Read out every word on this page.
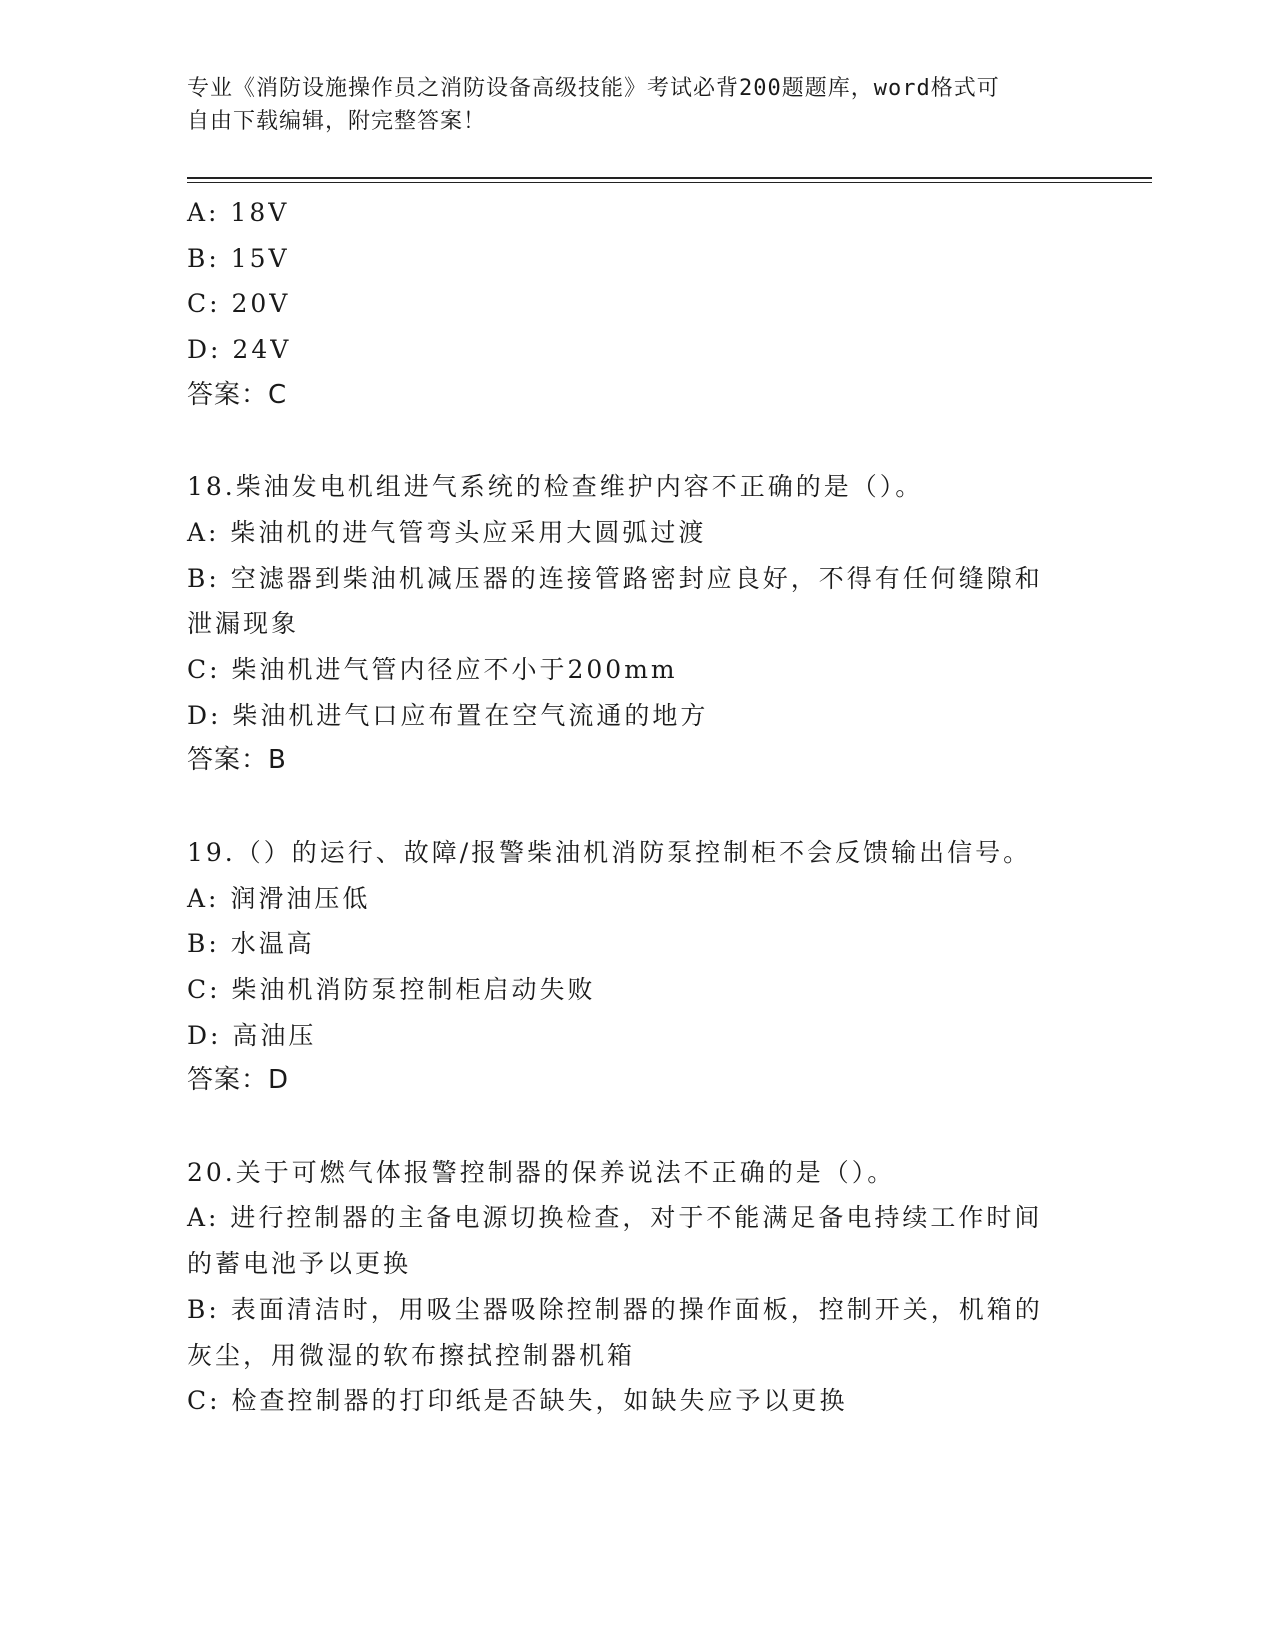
专业《消防设施操作员之消防设备高级技能》考试必背200题题库，word格式可
自由下载编辑，附完整答案！
A: 18V
B: 15V
C: 20V
D: 24V
答案：C
18.柴油发电机组进气系统的检查维护内容不正确的是（）。
A: 柴油机的进气管弯头应采用大圆弧过渡
B: 空滤器到柴油机减压器的连接管路密封应良好，不得有任何缝隙和
泄漏现象
C: 柴油机进气管内径应不小于200mm
D: 柴油机进气口应布置在空气流通的地方
答案：B
19.（）的运行、故障/报警柴油机消防泵控制柜不会反馈输出信号。
A: 润滑油压低
B: 水温高
C: 柴油机消防泵控制柜启动失败
D: 高油压
答案：D
20.关于可燃气体报警控制器的保养说法不正确的是（）。
A: 进行控制器的主备电源切换检查，对于不能满足备电持续工作时间
的蓄电池予以更换
B: 表面清洁时，用吸尘器吸除控制器的操作面板，控制开关，机箱的
灰尘，用微湿的软布擦拭控制器机箱
C: 检查控制器的打印纸是否缺失，如缺失应予以更换
